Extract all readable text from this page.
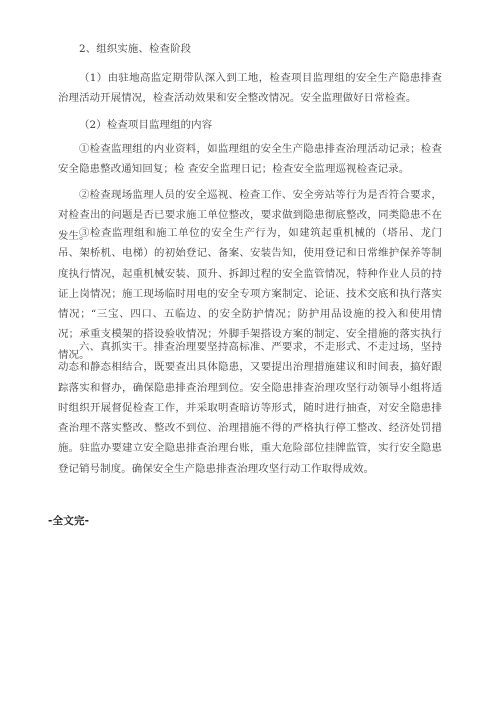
2、组织实施、检查阶段

（1）由驻地高监定期带队深入到工地，检查项目监理组的安全生产隐患排查治理活动开展情况，检查活动效果和安全整改情况。安全监理做好日常检查。

（2）检查项目监理组的内容

①检查监理组的内业资料，如监理组的安全生产隐患排查治理活动记录；检查安全隐患整改通知回复；检 查安全监理日记；检查安全监理巡视检查记录。

②检查现场监理人员的安全巡视、检查工作、安全旁站等行为是否符合要求，对检查出的问题是否已要求施工单位整改，要求做到隐患彻底整改，同类隐患不在发生。

③检查监理组和施工单位的安全生产行为，如建筑起重机械的（塔吊、龙门吊、架桥机、电梯）的初始登记、备案、安装告知，使用登记和日常维护保养等制度执行情况，起重机械安装、顶升、拆卸过程的安全监管情况，特种作业人员的持证上岗情况；施工现场临时用电的安全专项方案制定、论证、技术交底和执行落实情况；“三宝、四口、五临边、的安全防护情况；防护用品设施的投入和使用情况；承重支模架的搭设验收情况；外脚手架搭设方案的制定、安全措施的落实执行情况。

六、真抓实干。排查治理要坚持高标准、严要求，不走形式、不走过场，坚持动态和静态相结合，既要查出具体隐患，又要提出治理措施建议和时间表，搞好跟踪落实和督办，确保隐患排查治理到位。安全隐患排查治理攻坚行动领导小组将适时组织开展督促检查工作，并采取明查暗访等形式，随时进行抽查，对安全隐患排查治理不落实整改、整改不到位、治理措施不得的严格执行停工整改、经济处罚措施。驻监办要建立安全隐患排查治理台账，重大危险部位挂牌监管，实行安全隐患登记销号制度。确保安全生产隐患排查治理攻坚行动工作取得成效。

-全文完-
